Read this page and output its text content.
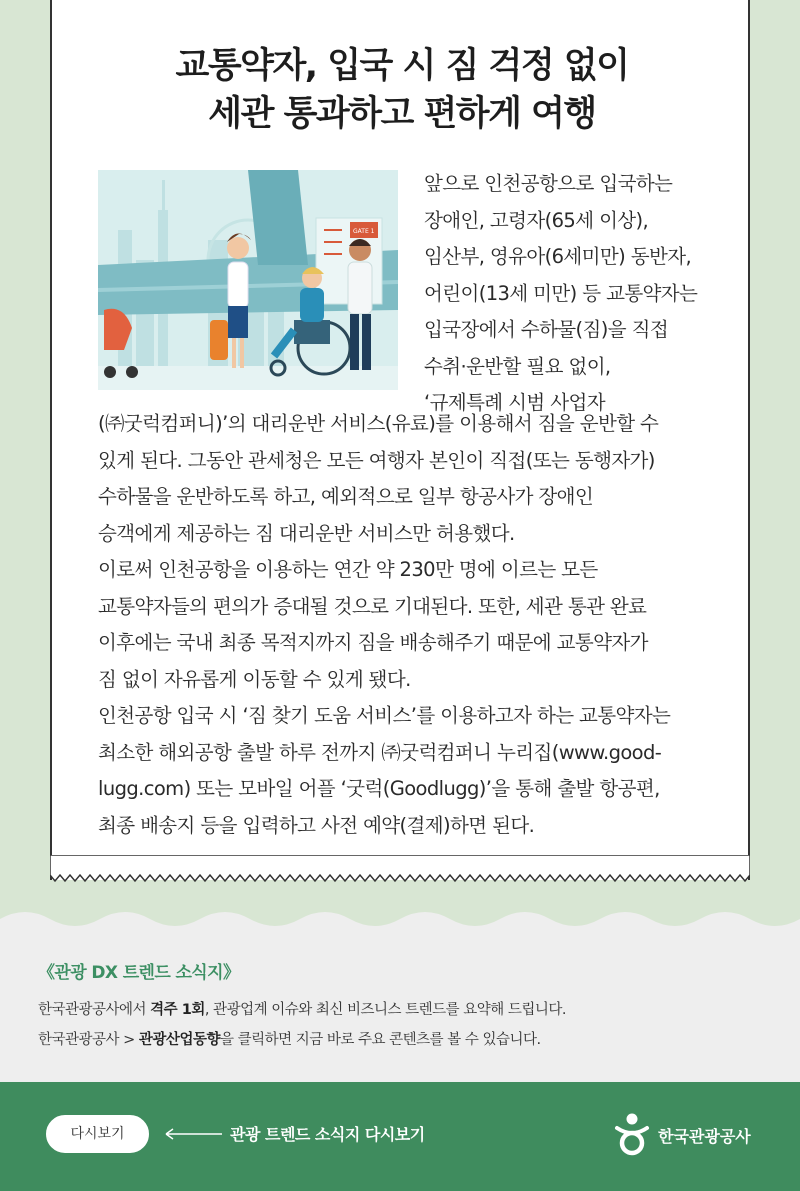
교통약자, 입국 시 짐 걱정 없이
세관 통과하고 편하게 여행
GATE 1
앞으로 인천공항으로 입국하는
장애인, 고령자(65세 이상),
임산부, 영유아(6세미만) 동반자,
어린이(13세 미만) 등 교통약자는
입국장에서 수하물(짐)을 직접
수취·운반할 필요 없이,
‘규제특례 시범 사업자
(㈜굿럭컴퍼니)’의 대리운반 서비스(유료)를 이용해서 짐을 운반할 수
있게 된다. 그동안 관세청은 모든 여행자 본인이 직접(또는 동행자가)
수하물을 운반하도록 하고, 예외적으로 일부 항공사가 장애인
승객에게 제공하는 짐 대리운반 서비스만 허용했다.
이로써 인천공항을 이용하는 연간 약 230만 명에 이르는 모든
교통약자들의 편의가 증대될 것으로 기대된다. 또한, 세관 통관 완료
이후에는 국내 최종 목적지까지 짐을 배송해주기 때문에 교통약자가
짐 없이 자유롭게 이동할 수 있게 됐다.
인천공항 입국 시 ‘짐 찾기 도움 서비스’를 이용하고자 하는 교통약자는
최소한 해외공항 출발 하루 전까지 ㈜굿럭컴퍼니 누리집(www.good-
lugg.com) 또는 모바일 어플 ‘굿럭(Goodlugg)’을 통해 출발 항공편,
최종 배송지 등을 입력하고 사전 예약(결제)하면 된다.
《관광 DX 트렌드 소식지》
한국관광공사에서 격주 1회, 관광업계 이슈와 최신 비즈니스 트렌드를 요약해 드립니다.
한국관광공사 > 관광산업동향을 클릭하면 지금 바로 주요 콘텐츠를 볼 수 있습니다.
다시보기	관광 트렌드 소식지 다시보기	한국관광공사
